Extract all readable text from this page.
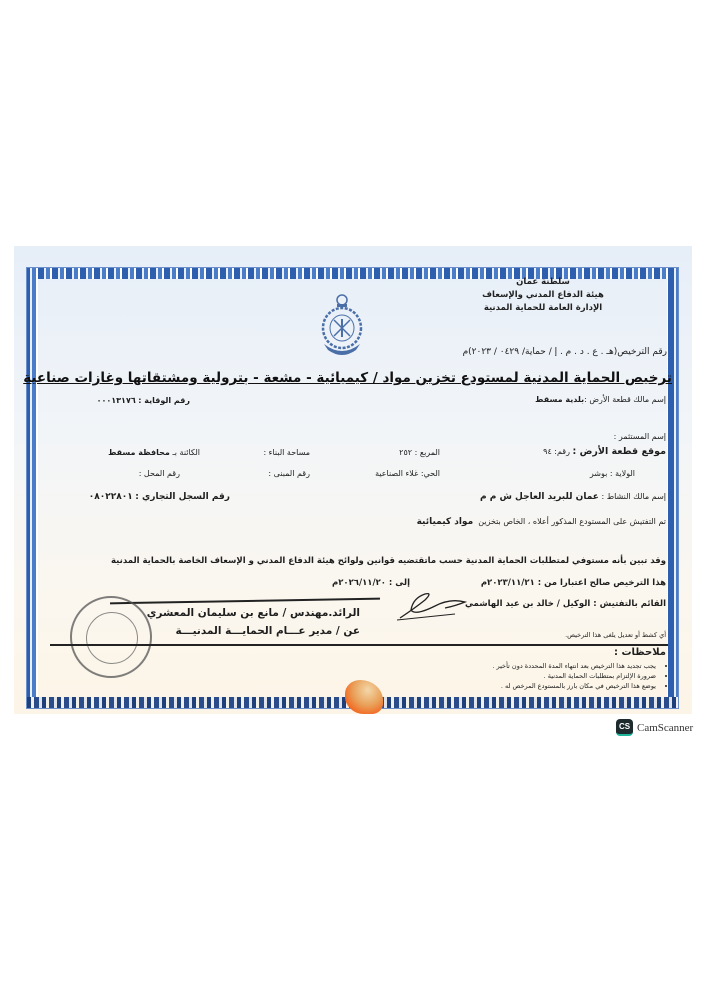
سلطنة عمان
هيئة الدفاع المدني والإسعاف
الإدارة العامة للحماية المدنية
رقم الترخيص(هـ . ع . د . م . إ / حماية/ ٠٤٢٩ / ٢٠٢٣)م
ترخيص الحماية المدنية لمستودع تخزين مواد / كيميائية - مشعة - بترولية ومشتقاتها وغازات صناعية
إسم مالك قطعة الأرض :بلدية مسقط
رقم الوقاية : ٠٠٠١٣١٧٦
إسم المستثمر :
موقع قطعة الأرض : رقم: ٩٤
المربع : ٢٥٢
مساحة البناء :
الكائنة بـ محافظة مسقط
الولاية : بوشر
الحي: غلاء الصناعية
رقم المبنى :
رقم المحل :
إسم مالك النشاط : عمان للبريد العاجل ش م م
رقم السجل التجاري : ٠٨٠٢٢٨٠١
تم التفتيش على المستودع المذكور أعلاه ، الخاص بتخزين  مواد كيميائية
وقد تبين بأنه مستوفي لمتطلبات الحماية المدنية حسب ماتقتضيه قوانين ولوائح هيئة الدفاع المدني و الإسعاف الخاصة بالحماية المدنية
هذا الترخيص صالح اعتبارا من : ٢٠٢٣/١١/٢١م
إلى : ٢٠٢٦/١١/٢٠م
القائم بالتفتيش : الوكيل / خالد بن عيد الهاشمي
الرائد.مهندس / مانع بن سليمان المعشري
عن / مدير عـــام الحمايـــة المدنيـــة	أي كشط أو تعديل يلغى هذا الترخيص.
ملاحظات :
• يجب تجديد هذا الترخيص بعد انتهاء المدة المحددة دون تأخير .
• ضرورة الإلتزام بمتطلبات الحماية المدنية .
• يوضع هذا الترخيص في مكان بارز بالمستودع المرخص له .
CS CamScanner
